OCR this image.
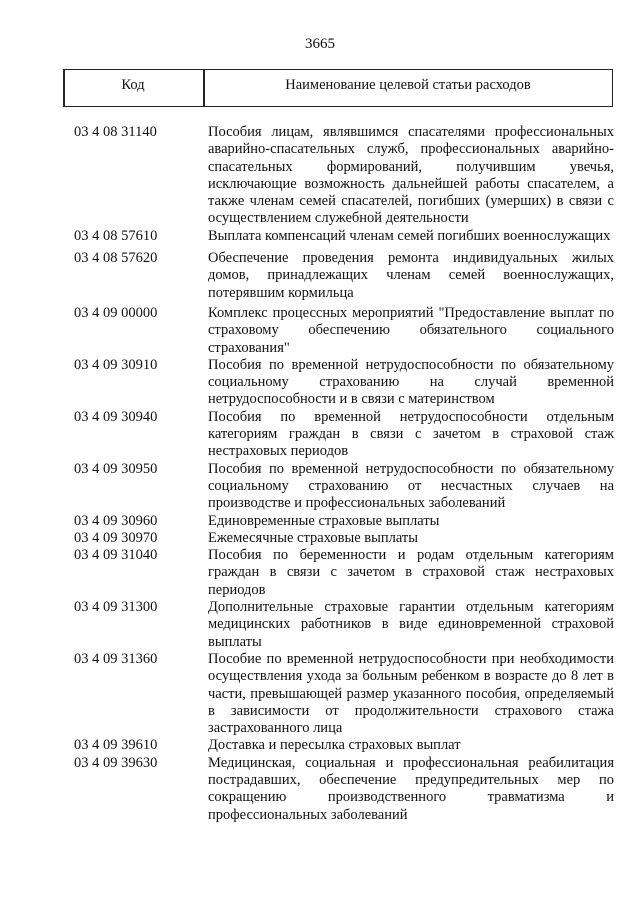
3665
Код	Наименование целевой статьи расходов
03 4 08 31140	Пособия лицам, являвшимся спасателями профессиональных аварийно-спасательных служб, профессиональных аварийно-спасательных формирований, получившим увечья, исключающие возможность дальнейшей работы спасателем, а также членам семей спасателей, погибших (умерших) в связи с осуществлением служебной деятельности
03 4 08 57610	Выплата компенсаций членам семей погибших военнослужащих
03 4 08 57620	Обеспечение проведения ремонта индивидуальных жилых домов, принадлежащих членам семей военнослужащих, потерявшим кормильца
03 4 09 00000	Комплекс процессных мероприятий "Предоставление выплат по страховому обеспечению обязательного социального страхования"
03 4 09 30910	Пособия по временной нетрудоспособности по обязательному социальному страхованию на случай временной нетрудоспособности и в связи с материнством
03 4 09 30940	Пособия по временной нетрудоспособности отдельным категориям граждан в связи с зачетом в страховой стаж нестраховых периодов
03 4 09 30950	Пособия по временной нетрудоспособности по обязательному социальному страхованию от несчастных случаев на производстве и профессиональных заболеваний
03 4 09 30960	Единовременные страховые выплаты
03 4 09 30970	Ежемесячные страховые выплаты
03 4 09 31040	Пособия по беременности и родам отдельным категориям граждан в связи с зачетом в страховой стаж нестраховых периодов
03 4 09 31300	Дополнительные страховые гарантии отдельным категориям медицинских работников в виде единовременной страховой выплаты
03 4 09 31360	Пособие по временной нетрудоспособности при необходимости осуществления ухода за больным ребенком в возрасте до 8 лет в части, превышающей размер указанного пособия, определяемый в зависимости от продолжительности страхового стажа застрахованного лица
03 4 09 39610	Доставка и пересылка страховых выплат
03 4 09 39630	Медицинская, социальная и профессиональная реабилитация пострадавших, обеспечение предупредительных мер по сокращению производственного травматизма и профессиональных заболеваний
